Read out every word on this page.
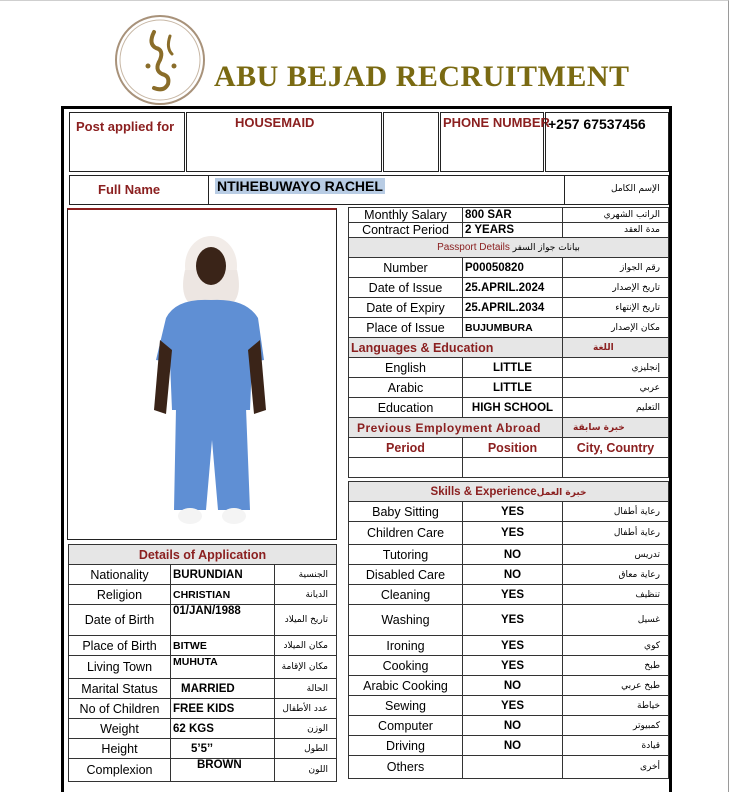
ABU BEJAD RECRUITMENT
Post applied for	HOUSEMAID	PHONE NUMBER
+257 67537456
Full Name	NTIHEBUWAYO RACHEL	الإسم الكامل
Monthly Salary	800 SAR	الراتب الشهري
Contract Period	2 YEARS	مدة العقد
Passport Details بيانات جواز السفر		
Number	P00050820	رقم الجواز
Date of Issue	25.APRIL.2024	تاريخ الإصدار
Date of Expiry	25.APRIL.2034	تاريخ الإنتهاء
Place of Issue	BUJUMBURA	مكان الإصدار
Languages & Education		اللغة
English	LITTLE	إنجليزي
Arabic	LITTLE	عربي
Education	HIGH SCHOOL	التعليم
Previous Employment Abroad		خبرة سابقة
Period	Position	City, Country

Skills & Experienceخبرة العمل		
Baby Sitting	YES	رعاية أطفال
Children Care	YES	رعاية أطفال
Tutoring	NO	تدريس
Disabled Care	NO	رعاية معاق
Cleaning	YES	تنظيف
Washing	YES	غسيل
Ironing	YES	كوي
Cooking	YES	طبخ
Arabic Cooking	NO	طبخ عربي
Sewing	YES	خياطة
Computer	NO	كمبيوتر
Driving	NO	قيادة
Others		أخرى
Details of Application		
Nationality	BURUNDIAN	الجنسية
Religion	CHRISTIAN	الديانة
Date of Birth	01/JAN/1988	تاريخ الميلاد
Place of Birth	BITWE	مكان الميلاد
Living Town	MUHUTA	مكان الإقامة
Marital Status	MARRIED	الحالة
No of Children	FREE KIDS	عدد الأطفال
Weight	62 KGS	الوزن
Height	5’5’’	الطول
Complexion	BROWN	اللون
